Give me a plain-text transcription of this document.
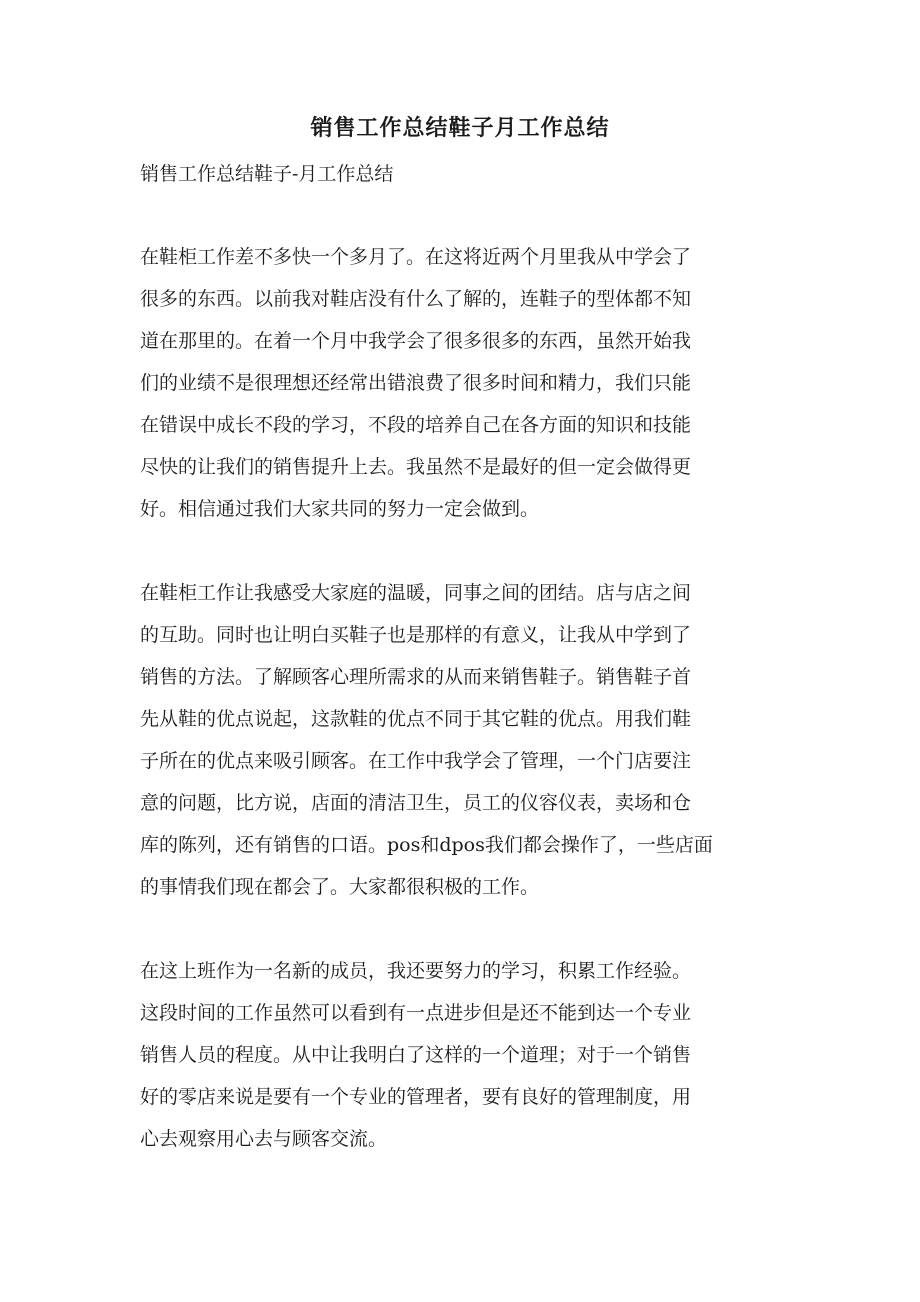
销售工作总结鞋子月工作总结
销售工作总结鞋子-月工作总结
在鞋柜工作差不多快一个多月了。在这将近两个月里我从中学会了
很多的东西。以前我对鞋店没有什么了解的，连鞋子的型体都不知
道在那里的。在着一个月中我学会了很多很多的东西，虽然开始我
们的业绩不是很理想还经常出错浪费了很多时间和精力，我们只能
在错误中成长不段的学习，不段的培养自己在各方面的知识和技能
尽快的让我们的销售提升上去。我虽然不是最好的但一定会做得更
好。相信通过我们大家共同的努力一定会做到。
在鞋柜工作让我感受大家庭的温暖，同事之间的团结。店与店之间
的互助。同时也让明白买鞋子也是那样的有意义，让我从中学到了
销售的方法。了解顾客心理所需求的从而来销售鞋子。销售鞋子首
先从鞋的优点说起，这款鞋的优点不同于其它鞋的优点。用我们鞋
子所在的优点来吸引顾客。在工作中我学会了管理，一个门店要注
意的问题，比方说，店面的清洁卫生，员工的仪容仪表，卖场和仓
库的陈列，还有销售的口语。pos和dpos我们都会操作了，一些店面
的事情我们现在都会了。大家都很积极的工作。
在这上班作为一名新的成员，我还要努力的学习，积累工作经验。
这段时间的工作虽然可以看到有一点进步但是还不能到达一个专业
销售人员的程度。从中让我明白了这样的一个道理；对于一个销售
好的零店来说是要有一个专业的管理者，要有良好的管理制度，用
心去观察用心去与顾客交流。
